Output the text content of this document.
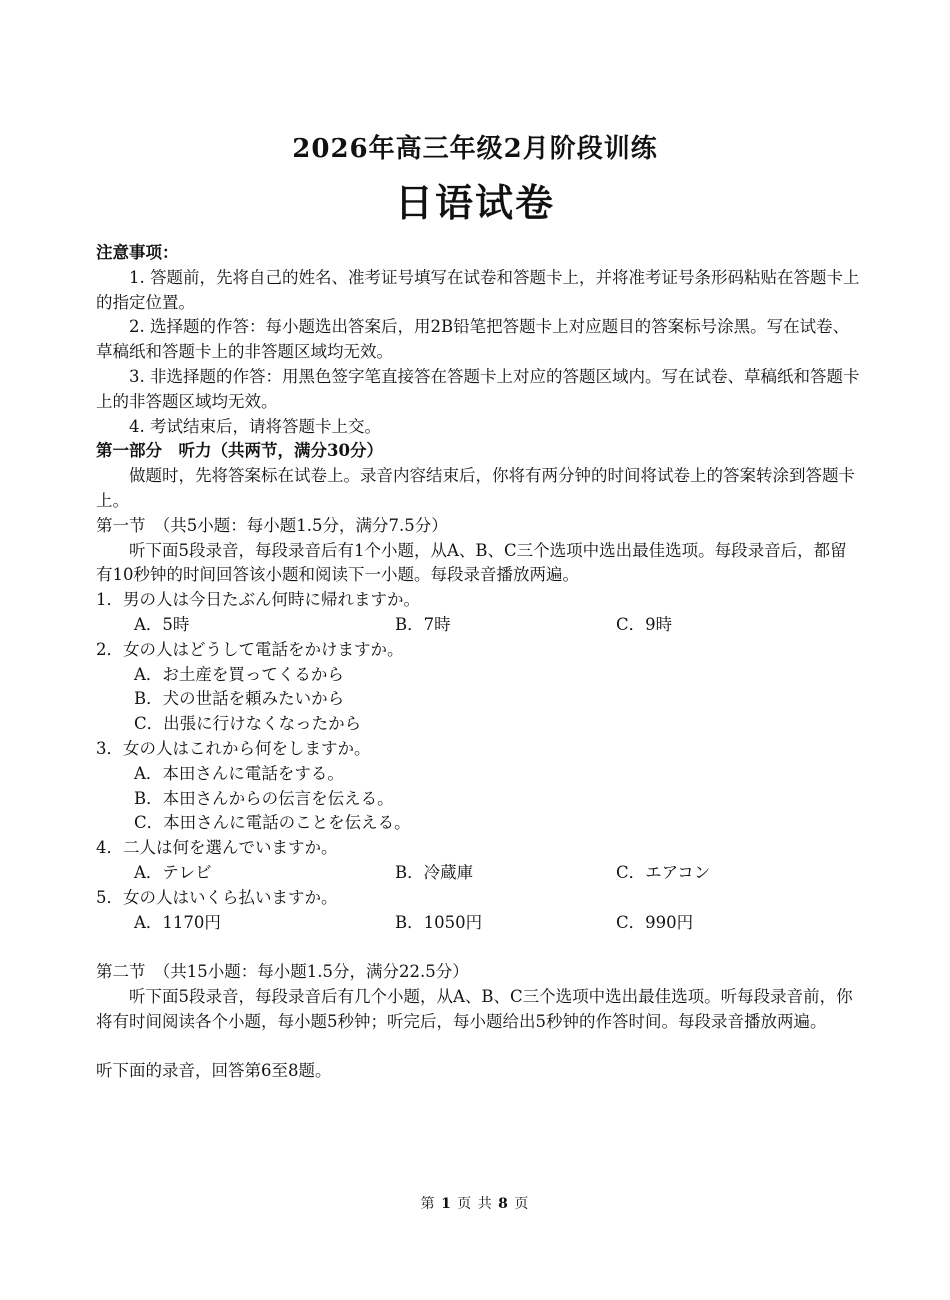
2026年高三年级2月阶段训练
日语试卷

注意事项：

1. 答题前，先将自己的姓名、准考证号填写在试卷和答题卡上，并将准考证号条形码粘贴在答题卡上的指定位置。

2. 选择题的作答：每小题选出答案后，用2B铅笔把答题卡上对应题目的答案标号涂黑。写在试卷、草稿纸和答题卡上的非答题区域均无效。

3. 非选择题的作答：用黑色签字笔直接答在答题卡上对应的答题区域内。写在试卷、草稿纸和答题卡上的非答题区域均无效。

4. 考试结束后，请将答题卡上交。

第一部分　听力（共两节，满分30分）

做题时，先将答案标在试卷上。录音内容结束后，你将有两分钟的时间将试卷上的答案转涂到答题卡上。

第一节　（共5小题：每小题1.5分，满分7.5分）

听下面5段录音，每段录音后有1个小题，从A、B、C三个选项中选出最佳选项。每段录音后，都留有10秒钟的时间回答该小题和阅读下一小题。每段录音播放两遍。

1．男の人は今日たぶん何時に帰れますか。

A．5時	B．7時	C．9時

2．女の人はどうして電話をかけますか。

A．お土産を買ってくるから

B．犬の世話を頼みたいから

C．出張に行けなくなったから

3．女の人はこれから何をしますか。

A．本田さんに電話をする。

B．本田さんからの伝言を伝える。

C．本田さんに電話のことを伝える。

4．二人は何を選んでいますか。

A．テレビ	B．冷蔵庫	C．エアコン

5．女の人はいくら払いますか。

A．1170円	B．1050円	C．990円

第二节　（共15小题：每小题1.5分，满分22.5分）

听下面5段录音，每段录音后有几个小题，从A、B、C三个选项中选出最佳选项。听每段录音前，你将有时间阅读各个小题，每小题5秒钟；听完后，每小题给出5秒钟的作答时间。每段录音播放两遍。

听下面的录音，回答第6至8题。

第 1 页 共 8 页
